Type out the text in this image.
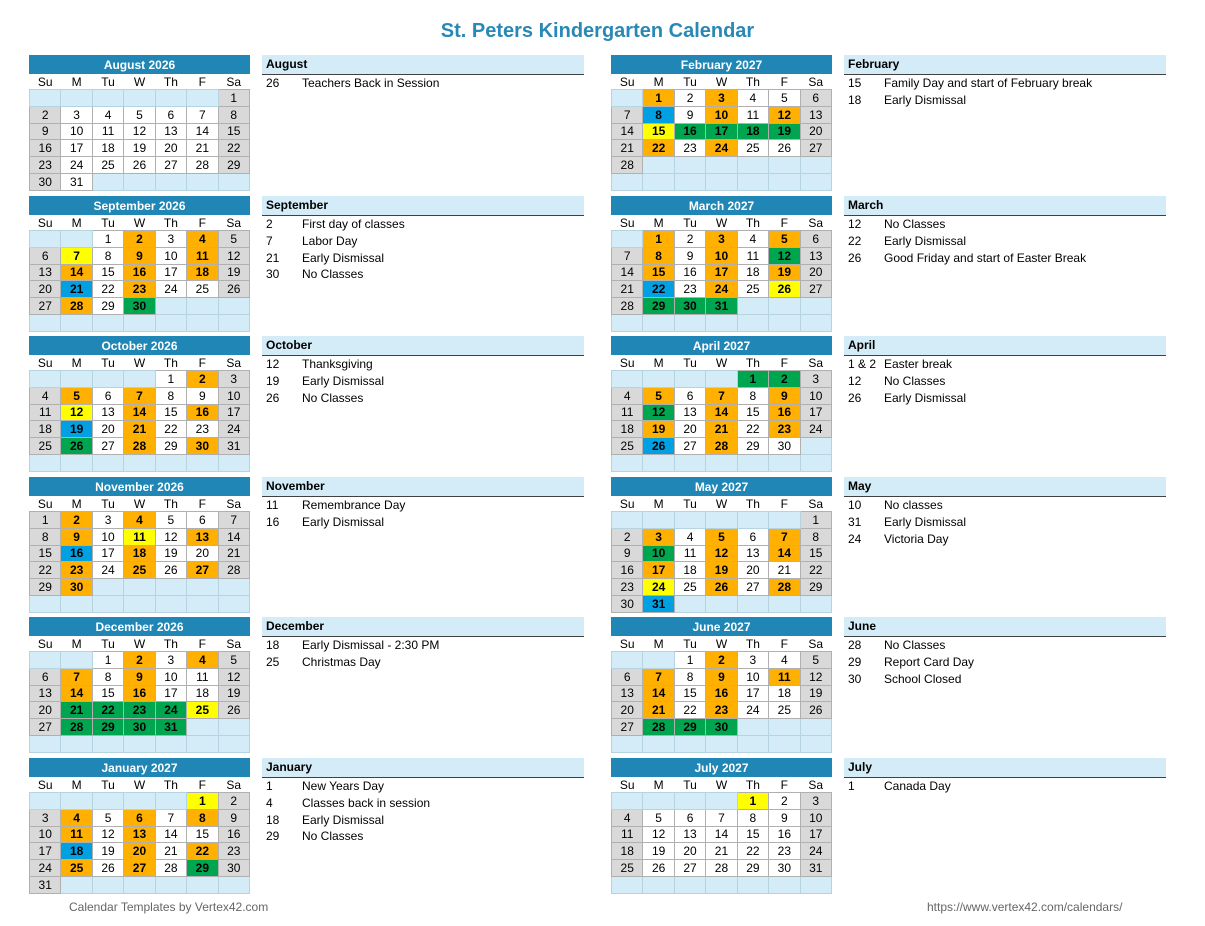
St. Peters Kindergarten Calendar
August 2026						
Su	M	Tu	W	Th	F	Sa
						1
2	3	4	5	6	7	8
9	10	11	12	13	14	15
16	17	18	19	20	21	22
23	24	25	26	27	28	29
30	31					
August
26 Teachers Back in Session
September 2026						
Su	M	Tu	W	Th	F	Sa
		1	2	3	4	5
6	7	8	9	10	11	12
13	14	15	16	17	18	19
20	21	22	23	24	25	26
27	28	29	30			

September
2 First day of classes
7 Labor Day
21 Early Dismissal
30 No Classes
October 2026						
Su	M	Tu	W	Th	F	Sa
				1	2	3
4	5	6	7	8	9	10
11	12	13	14	15	16	17
18	19	20	21	22	23	24
25	26	27	28	29	30	31

October
12 Thanksgiving
19 Early Dismissal
26 No Classes
November 2026						
Su	M	Tu	W	Th	F	Sa
1	2	3	4	5	6	7
8	9	10	11	12	13	14
15	16	17	18	19	20	21
22	23	24	25	26	27	28
29	30					

November
11 Remembrance Day
16 Early Dismissal
December 2026						
Su	M	Tu	W	Th	F	Sa
		1	2	3	4	5
6	7	8	9	10	11	12
13	14	15	16	17	18	19
20	21	22	23	24	25	26
27	28	29	30	31		

December
18 Early Dismissal - 2:30 PM
25 Christmas Day
January 2027						
Su	M	Tu	W	Th	F	Sa
					1	2
3	4	5	6	7	8	9
10	11	12	13	14	15	16
17	18	19	20	21	22	23
24	25	26	27	28	29	30
31						
January
1 New Years Day
4 Classes back in session
18 Early Dismissal
29 No Classes
February 2027						
Su	M	Tu	W	Th	F	Sa
	1	2	3	4	5	6
7	8	9	10	11	12	13
14	15	16	17	18	19	20
21	22	23	24	25	26	27
28						

February
15 Family Day and start of February break
18 Early Dismissal
March 2027						
Su	M	Tu	W	Th	F	Sa
	1	2	3	4	5	6
7	8	9	10	11	12	13
14	15	16	17	18	19	20
21	22	23	24	25	26	27
28	29	30	31			

March
12 No Classes
22 Early Dismissal
26 Good Friday and start of Easter Break
April 2027						
Su	M	Tu	W	Th	F	Sa
				1	2	3
4	5	6	7	8	9	10
11	12	13	14	15	16	17
18	19	20	21	22	23	24
25	26	27	28	29	30	

April
1 & 2 Easter break
12 No Classes
26 Early Dismissal
May 2027						
Su	M	Tu	W	Th	F	Sa
						1
2	3	4	5	6	7	8
9	10	11	12	13	14	15
16	17	18	19	20	21	22
23	24	25	26	27	28	29
30	31					
May
10 No classes
31 Early Dismissal
24 Victoria Day
June 2027						
Su	M	Tu	W	Th	F	Sa
		1	2	3	4	5
6	7	8	9	10	11	12
13	14	15	16	17	18	19
20	21	22	23	24	25	26
27	28	29	30			

June
28 No Classes
29 Report Card Day
30 School Closed
July 2027						
Su	M	Tu	W	Th	F	Sa
				1	2	3
4	5	6	7	8	9	10
11	12	13	14	15	16	17
18	19	20	21	22	23	24
25	26	27	28	29	30	31

July
1 Canada Day
Calendar Templates by Vertex42.com	https://www.vertex42.com/calendars/
